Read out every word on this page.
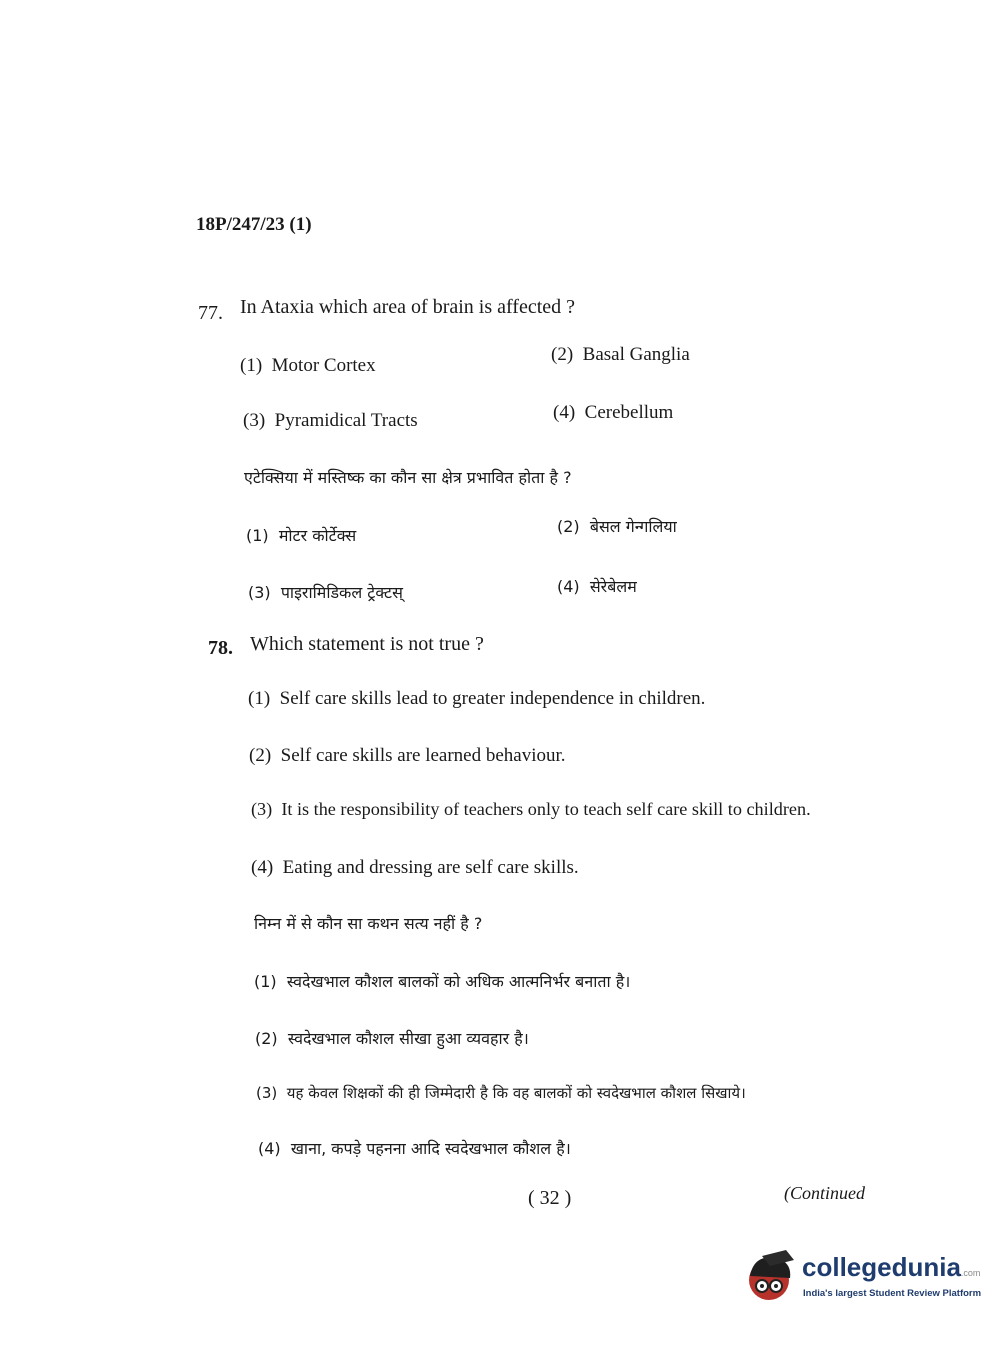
18P/247/23 (1)
77. In Ataxia which area of brain is affected ?
(1) Motor Cortex
(2) Basal Ganglia
(3) Pyramidical Tracts	(4) Cerebellum
एटेक्सिया में मस्तिष्क का कौन सा क्षेत्र प्रभावित होता है ?
(1) मोटर कोर्टेक्स	(2) बेसल गेन्गलिया
(3) पाइरामिडिकल ट्रेक्टस्	(4) सेरेबेलम
78. Which statement is not true ?
(1) Self care skills lead to greater independence in children.
(2) Self care skills are learned behaviour.
(3) It is the responsibility of teachers only to teach self care skill to children.
(4) Eating and dressing are self care skills.
निम्न में से कौन सा कथन सत्य नहीं है ?
(1) स्वदेखभाल कौशल बालकों को अधिक आत्मनिर्भर बनाता है।
(2) स्वदेखभाल कौशल सीखा हुआ व्यवहार है।
(3) यह केवल शिक्षकों की ही जिम्मेदारी है कि वह बालकों को स्वदेखभाल कौशल सिखाये।
(4) खाना, कपड़े पहनना आदि स्वदेखभाल कौशल है।
( 32 )	(Continued
collegedunia.com
India's largest Student Review Platform
